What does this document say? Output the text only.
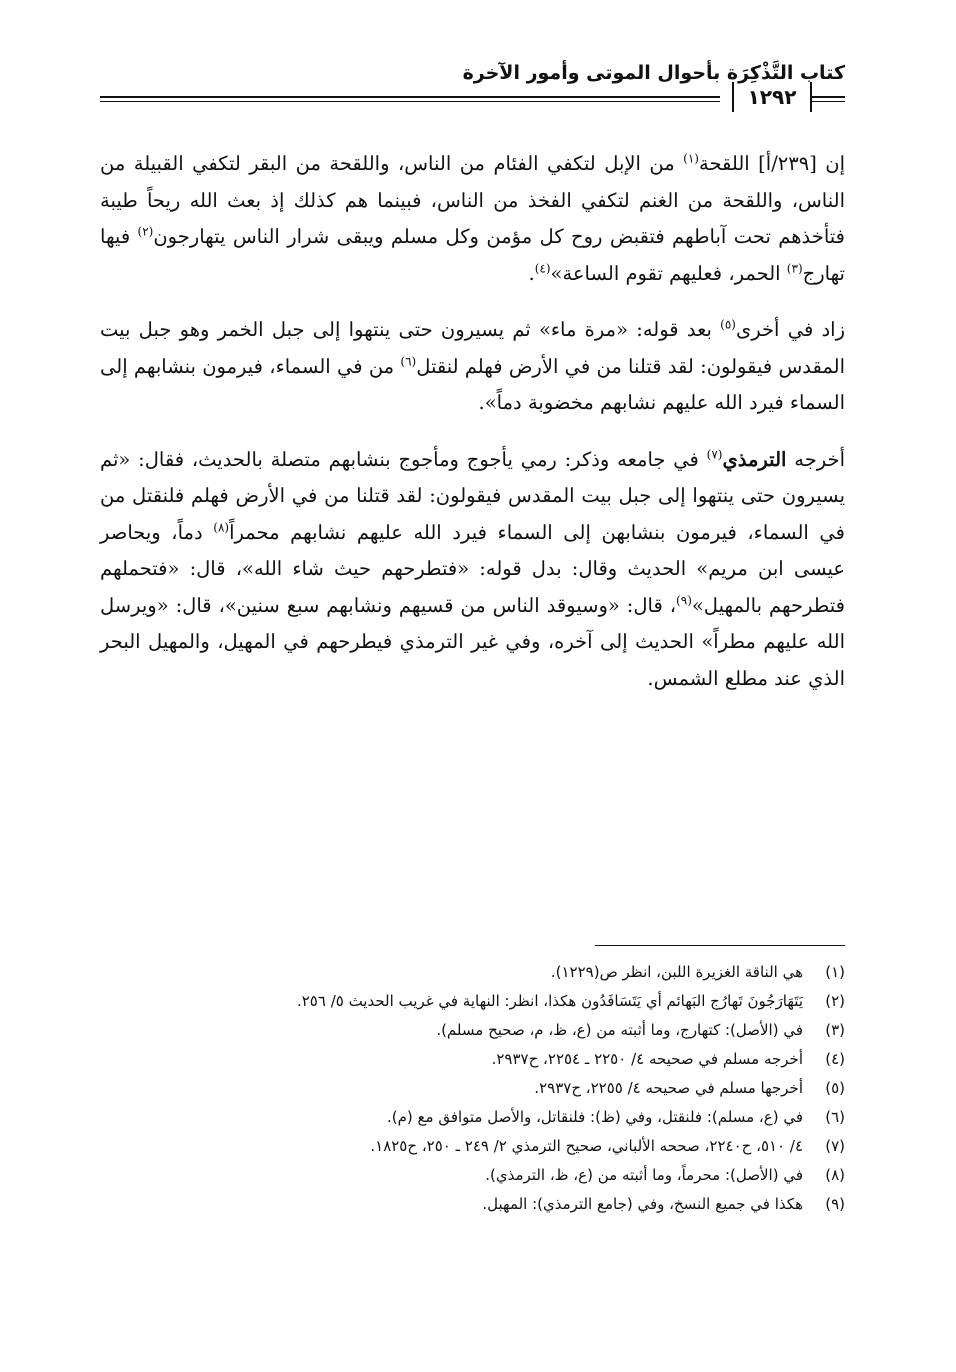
كتاب التَّذْكِرَة بأحوال الموتى وأمور الآخرة
١٢٩٢

إن [٢٣٩/أ] اللقحة$^{(١)}$ من الإبل لتكفي الفئام من الناس، واللقحة من البقر لتكفي القبيلة من الناس، واللقحة من الغنم لتكفي الفخذ من الناس، فبينما هم كذلك إذ بعث الله ريحاً طيبة فتأخذهم تحت آباطهم فتقبض روح كل مؤمن وكل مسلم ويبقى شرار الناس يتهارجون$^{(٢)}$ فيها تهارج$^{(٣)}$ الحمر، فعليهم تقوم الساعة»$^{(٤)}$.

زاد في أخرى$^{(٥)}$ بعد قوله: «مرة ماء» ثم يسيرون حتى ينتهوا إلى جبل الخمر وهو جبل بيت المقدس فيقولون: لقد قتلنا من في الأرض فهلم لنقتل$^{(٦)}$ من في السماء، فيرمون بنشابهم إلى السماء فيرد الله عليهم نشابهم مخضوبة دماً».

أخرجه الترمذي$^{(٧)}$ في جامعه وذكر: رمي يأجوج ومأجوج بنشابهم متصلة بالحديث، فقال: «ثم يسيرون حتى ينتهوا إلى جبل بيت المقدس فيقولون: لقد قتلنا من في الأرض فهلم فلنقتل من في السماء، فيرمون بنشابهن إلى السماء فيرد الله عليهم نشابهم محمراً$^{(٨)}$ دماً، ويحاصر عيسى ابن مريم» الحديث وقال: بدل قوله: «فتطرحهم حيث شاء الله»، قال: «فتحملهم فتطرحهم بالمهيل»$^{(٩)}$، قال: «وسيوقد الناس من قسيهم ونشابهم سبع سنين»، قال: «ويرسل الله عليهم مطراً» الحديث إلى آخره، وفي غير الترمذي فيطرحهم في المهيل، والمهيل البحر الذي عند مطلع الشمس.

(١)
هي الناقة الغزيرة اللبن، انظر ص(١٢٢٩).
(٢)
يَتَهَارَجُونَ تَهارُج البَهائم أي يَتَسَافَدُون هكذا، انظر: النهاية في غريب الحديث ٥/ ٢٥٦.
(٣)
في (الأصل): كتهارج، وما أثبته من (ع، ظ، م، صحيح مسلم).
(٤)
أخرجه مسلم في صحيحه ٤/ ٢٢٥٠ ـ ٢٢٥٤، ح٢٩٣٧.
(٥)
أخرجها مسلم في صحيحه ٤/ ٢٢٥٥، ح٢٩٣٧.
(٦)
في (ع، مسلم): فلنقتل، وفي (ظ): فلنقاتل، والأصل متوافق مع (م).
(٧)
٤/ ٥١٠، ح٢٢٤٠، صححه الألباني، صحيح الترمذي ٢/ ٢٤٩ ـ ٢٥٠، ح١٨٢٥.
(٨)
في (الأصل): محرماً، وما أثبته من (ع، ظ، الترمذي).
(٩)
هكذا في جميع النسخ، وفي (جامع الترمذي): المهبل.
